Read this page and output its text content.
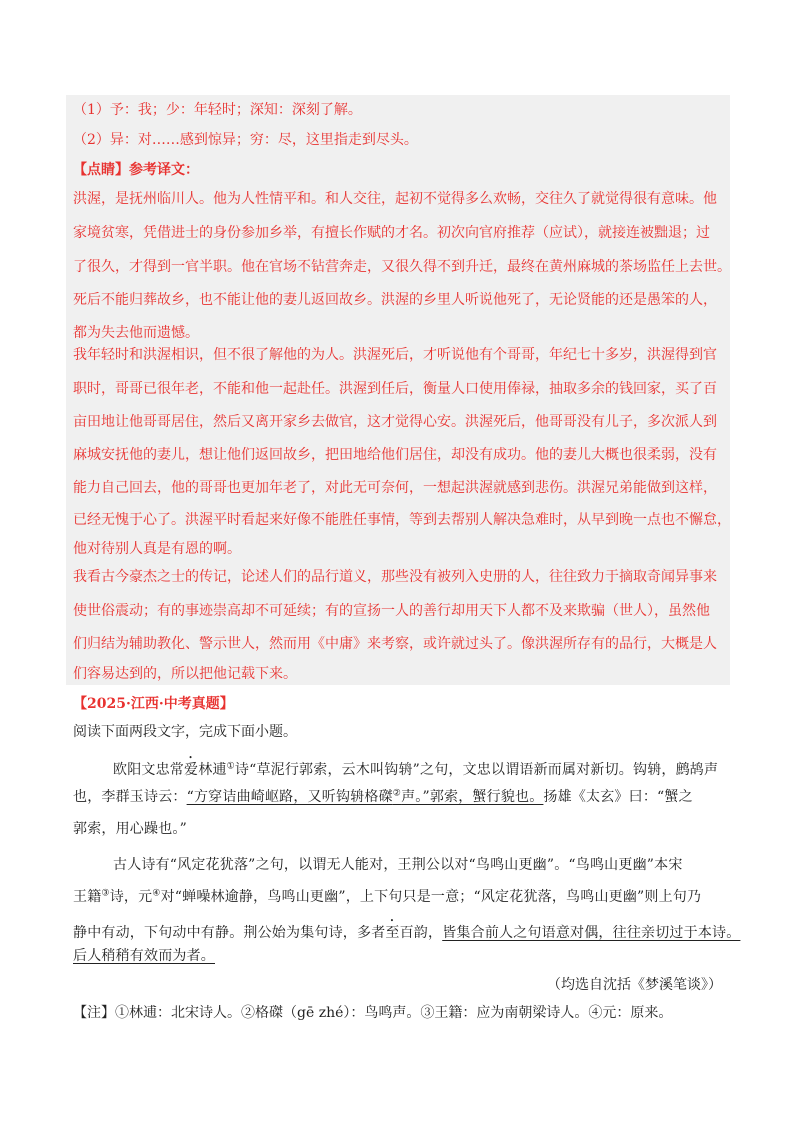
（1）予：我；少：年轻时；深知：深刻了解。
（2）异：对……感到惊异；穷：尽，这里指走到尽头。
【点睛】参考译文：
洪渥，是抚州临川人。他为人性情平和。和人交往，起初不觉得多么欢畅，交往久了就觉得很有意味。他
家境贫寒，凭借进士的身份参加乡举，有擅长作赋的才名。初次向官府推荐（应试），就接连被黜退；过
了很久，才得到一官半职。他在官场不钻营奔走，又很久得不到升迁，最终在黄州麻城的茶场监任上去世。
死后不能归葬故乡，也不能让他的妻儿返回故乡。洪渥的乡里人听说他死了，无论贤能的还是愚笨的人，
都为失去他而遗憾。
我年轻时和洪渥相识，但不很了解他的为人。洪渥死后，才听说他有个哥哥，年纪七十多岁，洪渥得到官
职时，哥哥已很年老，不能和他一起赴任。洪渥到任后，衡量人口使用俸禄，抽取多余的钱回家，买了百
亩田地让他哥哥居住，然后又离开家乡去做官，这才觉得心安。洪渥死后，他哥哥没有儿子，多次派人到
麻城安抚他的妻儿，想让他们返回故乡，把田地给他们居住，却没有成功。他的妻儿大概也很柔弱，没有
能力自己回去，他的哥哥也更加年老了，对此无可奈何，一想起洪渥就感到悲伤。洪渥兄弟能做到这样，
已经无愧于心了。洪渥平时看起来好像不能胜任事情，等到去帮别人解决急难时，从早到晚一点也不懈怠，
他对待别人真是有恩的啊。
我看古今豪杰之士的传记，论述人们的品行道义，那些没有被列入史册的人，往往致力于摘取奇闻异事来
使世俗震动；有的事迹崇高却不可延续；有的宣扬一人的善行却用天下人都不及来欺骗（世人），虽然他
们归结为辅助教化、警示世人，然而用《中庸》来考察，或许就过头了。像洪渥所存有的品行，大概是人
们容易达到的，所以把他记载下来。
【2025·江西·中考真题】
阅读下面两段文字，完成下面小题。
欧阳文忠常爱林逋①诗“草泥行郭索，云木叫钩辀”之句，文忠以谓语新而属对新切。钩辀，鹧鸪声
也，李群玉诗云：“方穿诘曲崎岖路，又听钩辀格磔②声。”郭索，蟹行貌也。扬雄《太玄》曰：“蟹之
郭索，用心躁也。”
古人诗有“风定花犹落”之句，以谓无人能对，王荆公以对“鸟鸣山更幽”。“鸟鸣山更幽”本宋
王籍③诗，元④对“蝉噪林逾静，鸟鸣山更幽”，上下句只是一意；“风定花犹落，鸟鸣山更幽”则上句乃
静中有动，下句动中有静。荆公始为集句诗，多者至百韵，皆集合前人之句语意对偶，往往亲切过于本诗。
后人稍稍有效而为者。
（均选自沈括《梦溪笔谈》）
【注】①林逋：北宋诗人。②格磔（gē zhé）：鸟鸣声。③王籍：应为南朝梁诗人。④元：原来。
